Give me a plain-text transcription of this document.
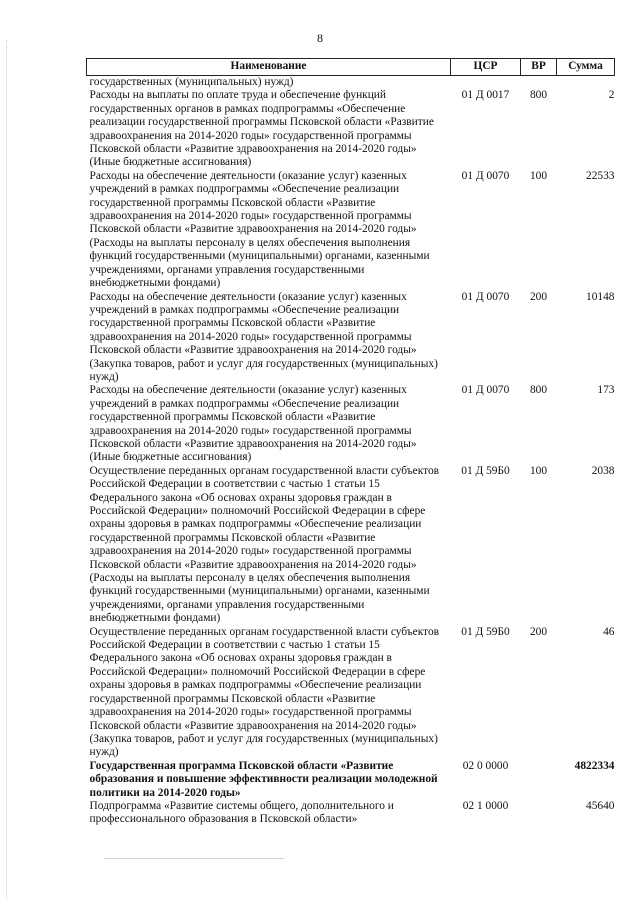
8
Наименование	ЦСР	ВР	Сумма
государственных (муниципальных) нужд)			
Расходы на выплаты по оплате труда и обеспечение функций государственных органов в рамках подпрограммы «Обеспечение реализации государственной программы Псковской области «Развитие здравоохранения на 2014-2020 годы» государственной программы Псковской области «Развитие здравоохранения на 2014-2020 годы» (Иные бюджетные ассигнования)	01 Д 0017	800	2
Расходы на обеспечение деятельности (оказание услуг) казенных учреждений в рамках подпрограммы «Обеспечение реализации государственной программы Псковской области «Развитие здравоохранения на 2014-2020 годы» государственной программы Псковской области «Развитие здравоохранения на 2014-2020 годы» (Расходы на выплаты персоналу в целях обеспечения выполнения функций государственными (муниципальными) органами, казенными учреждениями, органами управления государственными внебюджетными фондами)	01 Д 0070	100	22533
Расходы на обеспечение деятельности (оказание услуг) казенных учреждений в рамках подпрограммы «Обеспечение реализации государственной программы Псковской области «Развитие здравоохранения на 2014-2020 годы» государственной программы Псковской области «Развитие здравоохранения на 2014-2020 годы» (Закупка товаров, работ и услуг для государственных (муниципальных) нужд)	01 Д 0070	200	10148
Расходы на обеспечение деятельности (оказание услуг) казенных учреждений в рамках подпрограммы «Обеспечение реализации государственной программы Псковской области «Развитие здравоохранения на 2014-2020 годы» государственной программы Псковской области «Развитие здравоохранения на 2014-2020 годы» (Иные бюджетные ассигнования)	01 Д 0070	800	173
Осуществление переданных органам государственной власти субъектов Российской Федерации в соответствии с частью 1 статьи 15 Федерального закона «Об основах охраны здоровья граждан в Российской Федерации» полномочий Российской Федерации в сфере охраны здоровья в рамках подпрограммы «Обеспечение реализации государственной программы Псковской области «Развитие здравоохранения на 2014-2020 годы» государственной программы Псковской области «Развитие здравоохранения на 2014-2020 годы» (Расходы на выплаты персоналу в целях обеспечения выполнения функций государственными (муниципальными) органами, казенными учреждениями, органами управления государственными внебюджетными фондами)	01 Д 59Б0	100	2038
Осуществление переданных органам государственной власти субъектов Российской Федерации в соответствии с частью 1 статьи 15 Федерального закона «Об основах охраны здоровья граждан в Российской Федерации» полномочий Российской Федерации в сфере охраны здоровья в рамках подпрограммы «Обеспечение реализации государственной программы Псковской области «Развитие здравоохранения на 2014-2020 годы» государственной программы Псковской области «Развитие здравоохранения на 2014-2020 годы» (Закупка товаров, работ и услуг для государственных (муниципальных) нужд)	01 Д 59Б0	200	46
Государственная программа Псковской области «Развитие образования и повышение эффективности реализации молодежной политики на 2014-2020 годы»	02 0 0000		4822334
Подпрограмма «Развитие системы общего, дополнительного и профессионального образования в Псковской области»	02 1 0000		45640
